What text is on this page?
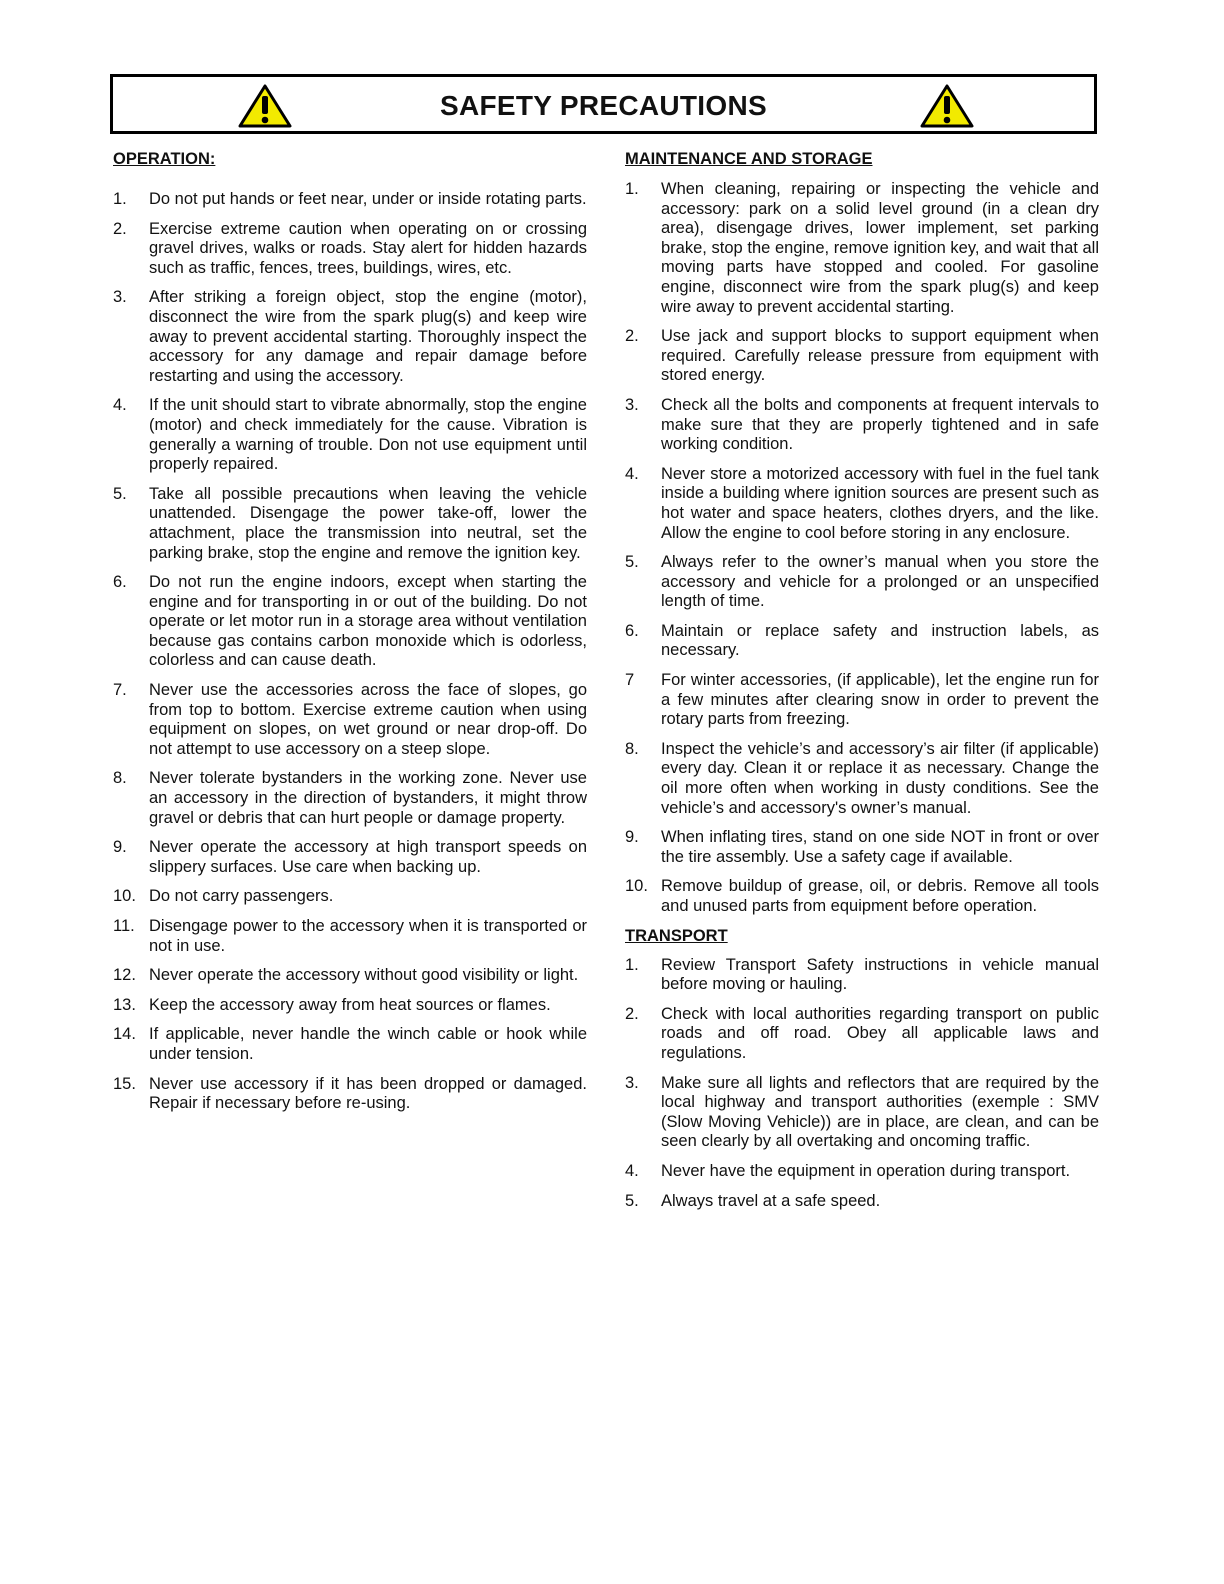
SAFETY PRECAUTIONS
OPERATION:
1.	Do not put hands or feet near, under or inside rotating parts.
2.	Exercise extreme caution when operating on or crossing gravel drives, walks or roads. Stay alert for hidden hazards such as traffic, fences, trees, buildings, wires, etc.
3.	After striking a foreign object, stop the engine (motor), disconnect the wire from the spark plug(s) and keep wire away to prevent accidental starting. Thoroughly inspect the accessory for any damage and repair damage before restarting and using the accessory.
4.	If the unit should start to vibrate abnormally, stop the engine (motor) and check immediately for the cause. Vibration is generally a warning of trouble. Don not use equipment until properly repaired.
5.	Take all possible precautions when leaving the vehicle unattended. Disengage the power take-off, lower the attachment, place the transmission into neutral, set the parking brake, stop the engine and remove the ignition key.
6.	Do not run the engine indoors, except when starting the engine and for transporting in or out of the building. Do not operate or let motor run in a storage area without ventilation because gas contains carbon monoxide which is odorless, colorless and can cause death.
7.	Never use the accessories across the face of slopes, go from top to bottom. Exercise extreme caution when using equipment on slopes, on wet ground or near drop-off. Do not attempt to use accessory on a steep slope.
8.	Never tolerate bystanders in the working zone. Never use an accessory in the direction of bystanders, it might throw gravel or debris that can hurt people or damage property.
9.	Never operate the accessory at high transport speeds on slippery surfaces. Use care when backing up.
10. Do not carry passengers.
11. Disengage power to the accessory when it is transported or not in use.
12. Never operate the accessory without good visibility or light.
13. Keep the accessory away from heat sources or flames.
14. If applicable, never handle the winch cable or hook while under tension.
15. Never use accessory if it has been dropped or damaged. Repair if necessary before re-using.
MAINTENANCE AND STORAGE
1.	When cleaning, repairing or inspecting the vehicle and accessory: park on a solid level ground (in a clean dry area), disengage drives, lower implement, set parking brake, stop the engine, remove ignition key, and wait that all moving parts have stopped and cooled. For gasoline engine, disconnect wire from the spark plug(s) and keep wire away to prevent accidental starting.
2.	Use jack and support blocks to support equipment when required. Carefully release pressure from equipment with stored energy.
3.	Check all the bolts and components at frequent intervals to make sure that they are properly tightened and in safe working condition.
4.	Never store a motorized accessory with fuel in the fuel tank inside a building where ignition sources are present such as hot water and space heaters, clothes dryers, and the like. Allow the engine to cool before storing in any enclosure.
5.	Always refer to the owner’s manual when you store the accessory and vehicle for a prolonged or an unspecified length of time.
6.	Maintain or replace safety and instruction labels, as necessary.
7	For winter accessories, (if applicable), let the engine run for a few minutes after clearing snow in order to prevent the rotary parts from freezing.
8.	Inspect the vehicle’s and accessory’s air filter (if applicable) every day. Clean it or replace it as necessary. Change the oil more often when working in dusty conditions. See the vehicle’s and accessory's owner’s manual.
9.	When inflating tires, stand on one side NOT in front or over the tire assembly. Use a safety cage if available.
10. Remove buildup of grease, oil, or debris. Remove all tools and unused parts from equipment before operation.
TRANSPORT
1.	Review Transport Safety instructions in vehicle manual before moving or hauling.
2.	Check with local authorities regarding transport on public roads and off road. Obey all applicable laws and regulations.
3.	Make sure all lights and reflectors that are required by the local highway and transport authorities (exemple : SMV (Slow Moving Vehicle)) are in place, are clean, and can be seen clearly by all overtaking and oncoming traffic.
4.	Never have the equipment in operation during transport.
5.	Always travel at a safe speed.
